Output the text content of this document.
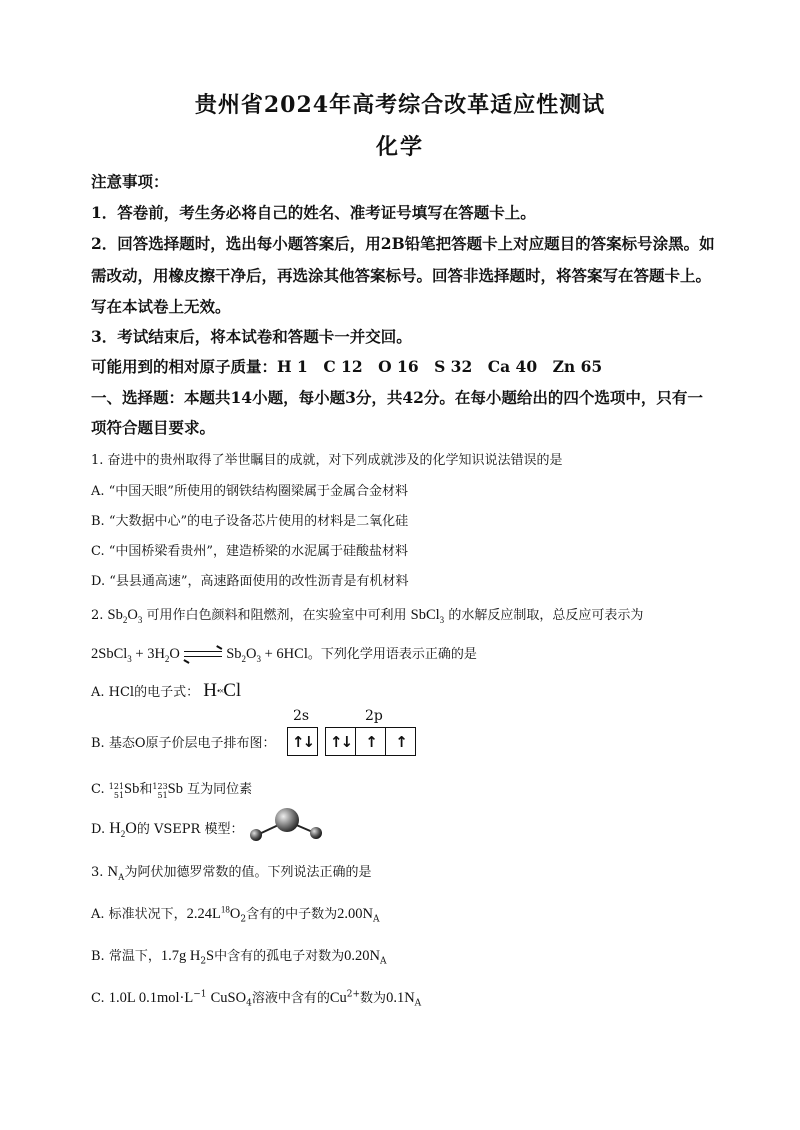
贵州省2024年高考综合改革适应性测试
化学
注意事项：
1．答卷前，考生务必将自己的姓名、准考证号填写在答题卡上。
2．回答选择题时，选出每小题答案后，用2B铅笔把答题卡上对应题目的答案标号涂黑。如
需改动，用橡皮擦干净后，再选涂其他答案标号。回答非选择题时，将答案写在答题卡上。
写在本试卷上无效。
3．考试结束后，将本试卷和答题卡一并交回。
可能用到的相对原子质量：H 1　C 12　O 16　S 32　Ca 40　Zn 65
一、选择题：本题共14小题，每小题3分，共42分。在每小题给出的四个选项中，只有一
项符合题目要求。
1. 奋进中的贵州取得了举世瞩目的成就，对下列成就涉及的化学知识说法错误的是
A. “中国天眼”所使用的钢铁结构圈梁属于金属合金材料
B. “大数据中心”的电子设备芯片使用的材料是二氧化硅
C. “中国桥梁看贵州”，建造桥梁的水泥属于硅酸盐材料
D. “县县通高速”，高速路面使用的改性沥青是有机材料
2. $Sb_2O_3$ 可用作白色颜料和阻燃剂，在实验室中可利用 SbCl$_3$ 的水解反应制取，总反应可表示为
2SbCl$_3$ + $3H_2O$ ⇌ $Sb_2O_3 + 6HCl$。下列化学用语表示正确的是
A. HCl的电子式： H•×Cl
B. 基态O原子价层电子排布图：
2s	2p
↑↓ ↑↓ ↑	↑
C. 121
51Sb和123
51Sb 互为同位素
D. $H_2O$的 VSEPR 模型：
3. $N_A$为阿伏加德罗常数的值。下列说法正确的是
A. 标准状况下，$2.24L^{18}O_2$含有的中子数为$2.00N_A$
B. 常温下，1.7g $H_2S$中含有的孤电子对数为$0.20N_A$
C. 1.0L $0.1mol\cdot L^{-1}$ CuSO$_4$溶液中含有的$Cu^{2+}$数为$0.1N_A$
